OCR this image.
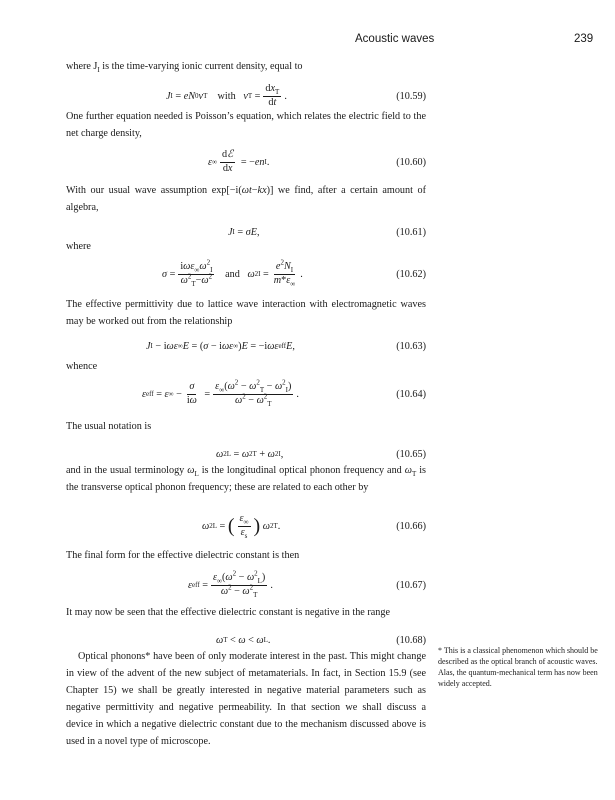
Acoustic waves	239

where $J_I$ is the time-varying ionic current density, equal to

J I = eN 0 v T with v $T = \frac{dx_T}{dt}$ .	(10.59)

One further equation needed is Poisson’s equation, which relates the electric field to the net charge density,

ε ∞ $\frac{\text{dℰ}}{dx}$ = − en I .	(10.60)

With our usual wave assumption exp[−i(ωt−kx)] we find, after a certain amount of algebra,

J I = σE ,	(10.61)

where

$\sigma = \frac{i\omega\varepsilon_\infty\omega^2_I}{\omega^2_T-\omega^2}$ and ω 2 $I = \frac{e^2N_I}{m*\varepsilon_\infty}$ .	(10.62)

The effective permittivity due to lattice wave interaction with electromagnetic waves may be worked out from the relationship

J I − i ωε ∞ E = ( σ − i ωε ∞ ) E = −i ωε eff E ,	(10.63)

whence

ε eff = ε ∞ − $\frac{\sigma}{i\omega} = \frac{\varepsilon_\infty(\omega^2 - \omega^2_T - \omega^2_I)}{\omega^2 - \omega^2_T}$ .	(10.64)

The usual notation is

ω 2 L = ω 2 T + ω 2 I ,	(10.65)

and in the usual terminology $\omega_L$ is the longitudinal optical phonon frequency and $\omega_T$ is the transverse optical phonon frequency; these are related to each other by

ω 2 L = ( $\frac{\varepsilon_\infty}{\varepsilon_s}$ )
ω 2 T .	(10.66)

The final form for the effective dielectric constant is then

ε eff = $\frac{\varepsilon_\infty(\omega^2 - \omega^2_L)}{\omega^2 - \omega^2_T}$ .	(10.67)

It may now be seen that the effective dielectric constant is negative in the range

ω T < ω < ω L .	(10.68)

Optical phonons* have been of only moderate interest in the past. This might change in view of the advent of the new subject of metamaterials. In fact, in Section 15.9 (see Chapter 15) we shall be greatly interested in negative material parameters such as negative permittivity and negative permeability. In that section we shall discuss a device in which a negative dielectric constant due to the mechanism discussed above is used in a novel type of microscope.

* This is a classical phenomenon which should be described as the optical branch of acoustic waves. Alas, the quantum-mechanical term has now been widely accepted.
